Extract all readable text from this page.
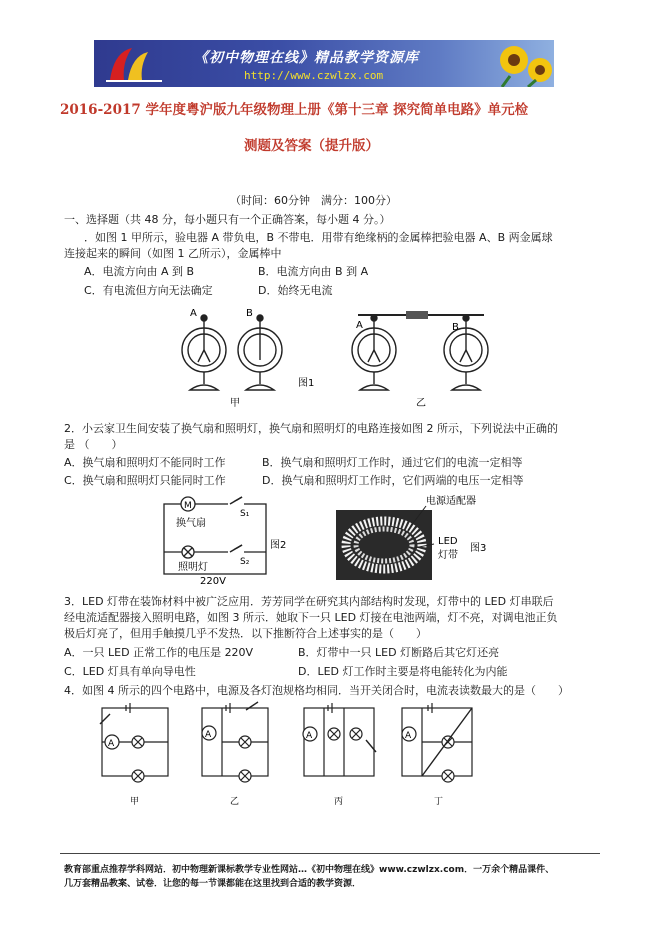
《初中物理在线》精品教学资源库
http://www.czwlzx.com
2016-2017 学年度粤沪版九年级物理上册《第十三章 探究简单电路》单元检
测题及答案（提升版）
（时间：60分钟　满分：100分）
一、选择题（共 48 分，每小题只有一个正确答案，每小题 4 分。）
．如图 1 甲所示，验电器 A 带负电，B 不带电．用带有绝缘柄的金属棒把验电器 A、B 两金属球
连接起来的瞬间（如图 1 乙所示），金属棒中
A．电流方向由 A 到 B	B．电流方向由 B 到 A
C．有电流但方向无法确定	D．始终无电流
A	B
A	B
图1
甲	乙
2．小云家卫生间安装了换气扇和照明灯，换气扇和照明灯的电路连接如图 2 所示，下列说法中正确的
是 （　　）
A．换气扇和照明灯不能同时工作	B．换气扇和照明灯工作时，通过它们的电流一定相等
C．换气扇和照明灯只能同时工作	D．换气扇和照明灯工作时，它们两端的电压一定相等
M
换气扇
照明灯
S₁
S₂
220V
图2
电源适配器
LED
灯带
图3
3．LED 灯带在装饰材料中被广泛应用．芳芳同学在研究其内部结构时发现，灯带中的 LED 灯串联后
经电流适配器接入照明电路，如图 3 所示．她取下一只 LED 灯接在电池两端，灯不亮，对调电池正负
极后灯亮了，但用手触摸几乎不发热．以下推断符合上述事实的是（　　）
A．一只 LED 正常工作的电压是 220V	B．灯带中一只 LED 灯断路后其它灯还亮
C．LED 灯具有单向导电性	D．LED 灯工作时主要是将电能转化为内能
4．如图 4 所示的四个电路中，电源及各灯泡规格均相同．当开关闭合时，电流表读数最大的是（　　）
A
A	A	A
甲	乙	丙	丁
教育部重点推荐学科网站．初中物理新课标教学专业性网站…《初中物理在线》www.czwlzx.com．一万余个精品课件、
几万套精品教案、试卷．让您的每一节课都能在这里找到合适的教学资源．
